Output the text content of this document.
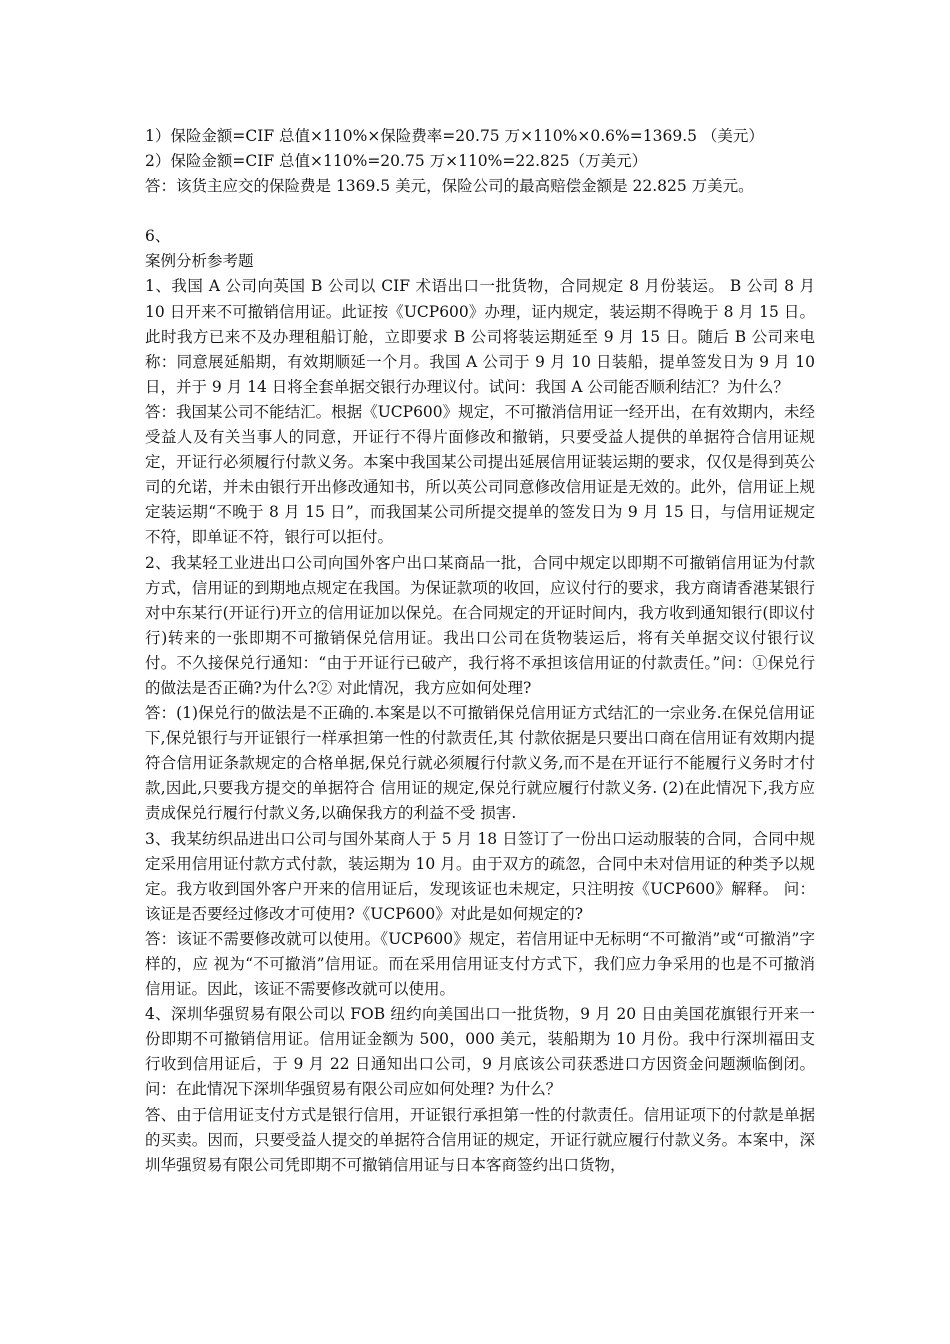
1）保险金额=CIF 总值×110%×保险费率=20.75 万×110%×0.6%=1369.5 （美元）

2）保险金额=CIF 总值×110%=20.75 万×110%=22.825（万美元）

答：该货主应交的保险费是 1369.5 美元，保险公司的最高赔偿金额是 22.825 万美元。

6、

案例分析参考题

1、我国 A 公司向英国 B 公司以 CIF 术语出口一批货物，合同规定 8 月份装运。 B 公司 8 月 10 日开来不可撤销信用证。此证按《UCP600》办理，证内规定，装运期不得晚于 8 月 15 日。此时我方已来不及办理租船订舱，立即要求 B 公司将装运期延至 9 月 15 日。随后 B 公司来电称：同意展延船期，有效期顺延一个月。我国 A 公司于 9 月 10 日装船，提单签发日为 9 月 10 日，并于 9 月 14 日将全套单据交银行办理议付。试问：我国 A 公司能否顺利结汇？为什么？

答：我国某公司不能结汇。根据《UCP600》规定，不可撤消信用证一经开出，在有效期内，未经受益人及有关当事人的同意，开证行不得片面修改和撤销，只要受益人提供的单据符合信用证规定，开证行必须履行付款义务。本案中我国某公司提出延展信用证装运期的要求，仅仅是得到英公司的允诺，并未由银行开出修改通知书，所以英公司同意修改信用证是无效的。此外，信用证上规定装运期“不晚于 8 月 15 日”，而我国某公司所提交提单的签发日为 9 月 15 日，与信用证规定不符，即单证不符，银行可以拒付。

2、我某轻工业进出口公司向国外客户出口某商品一批，合同中规定以即期不可撤销信用证为付款方式，信用证的到期地点规定在我国。为保证款项的收回，应议付行的要求，我方商请香港某银行对中东某行(开证行)开立的信用证加以保兑。在合同规定的开证时间内，我方收到通知银行(即议付行)转来的一张即期不可撤销保兑信用证。我出口公司在货物装运后，将有关单据交议付银行议付。不久接保兑行通知：“由于开证行已破产，我行将不承担该信用证的付款责任。”问：①保兑行的做法是否正确?为什么?② 对此情况，我方应如何处理?

答：(1)保兑行的做法是不正确的.本案是以不可撤销保兑信用证方式结汇的一宗业务.在保兑信用证下,保兑银行与开证银行一样承担第一性的付款责任,其 付款依据是只要出口商在信用证有效期内提符合信用证条款规定的合格单据,保兑行就必须履行付款义务,而不是在开证行不能履行义务时才付款,因此,只要我方提交的单据符合 信用证的规定,保兑行就应履行付款义务. (2)在此情况下,我方应责成保兑行履行付款义务,以确保我方的利益不受 损害.

3、我某纺织品进出口公司与国外某商人于 5 月 18 日签订了一份出口运动服装的合同，合同中规定采用信用证付款方式付款，装运期为 10 月。由于双方的疏忽，合同中未对信用证的种类予以规定。我方收到国外客户开来的信用证后，发现该证也未规定，只注明按《UCP600》解释。 问：该证是否要经过修改才可使用?《UCP600》对此是如何规定的?

答：该证不需要修改就可以使用。《UCP600》规定，若信用证中无标明“不可撤消”或“可撤消”字样的，应 视为“不可撤消”信用证。而在采用信用证支付方式下，我们应力争采用的也是不可撤消信用证。因此，该证不需要修改就可以使用。

4、深圳华强贸易有限公司以 FOB 纽约向美国出口一批货物，9 月 20 日由美国花旗银行开来一份即期不可撤销信用证。信用证金额为 500，000 美元，装船期为 10 月份。我中行深圳福田支行收到信用证后，于 9 月 22 日通知出口公司，9 月底该公司获悉进口方因资金问题濒临倒闭。 问：在此情况下深圳华强贸易有限公司应如何处理? 为什么？

答、由于信用证支付方式是银行信用，开证银行承担第一性的付款责任。信用证项下的付款是单据的买卖。因而，只要受益人提交的单据符合信用证的规定，开证行就应履行付款义务。本案中，深圳华强贸易有限公司凭即期不可撤销信用证与日本客商签约出口货物，
